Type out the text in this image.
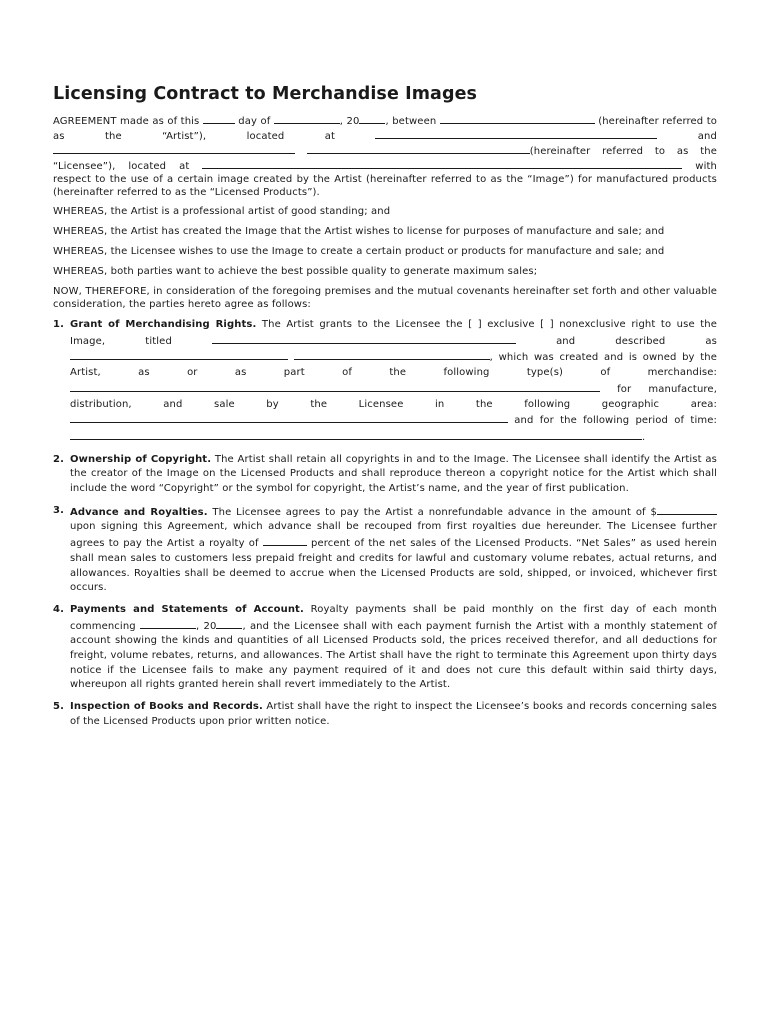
Licensing Contract to Merchandise Images

AGREEMENT made as of this	day of	, 20	, between	(hereinafter referred to as the “Artist”), located at	and  (hereinafter referred to as the “Licensee”), located at	with respect to the use of a certain image created by the Artist (hereinafter referred to as the “Image”) for manufactured products (hereinafter referred to as the “Licensed Products”).

WHEREAS, the Artist is a professional artist of good standing; and

WHEREAS, the Artist has created the Image that the Artist wishes to license for purposes of manufacture and sale; and

WHEREAS, the Licensee wishes to use the Image to create a certain product or products for manufacture and sale; and

WHEREAS, both parties want to achieve the best possible quality to generate maximum sales;

NOW, THEREFORE, in consideration of the foregoing premises and the mutual covenants hereinafter set forth and other valuable consideration, the parties hereto agree as follows:

1. Grant of Merchandising Rights. The Artist grants to the Licensee the [ ] exclusive [ ] nonexclusive right to use the
Image, titled	and described as
, which was created and is owned by the
Artist, as or as part of the following type(s) of merchandise:
for manufacture,
distribution, and sale by the Licensee in the following geographic area:
and for the following period of time:
.
2. Ownership of Copyright. The Artist shall retain all copyrights in and to the Image. The Licensee shall identify the Artist as the creator of the Image on the Licensed Products and shall reproduce thereon a copyright notice for the Artist which shall include the word “Copyright” or the symbol for copyright, the Artist’s name, and the year of first publication.
3. Advance and Royalties. The Licensee agrees to pay the Artist a nonrefundable advance in the amount of $ upon signing this Agreement, which advance shall be recouped from first royalties due hereunder. The Licensee further agrees to pay the Artist a royalty of	percent of the net sales of the Licensed Products. “Net Sales” as used herein shall mean sales to customers less prepaid freight and credits for lawful and customary volume rebates, actual returns, and allowances. Royalties shall be deemed to accrue when the Licensed Products are sold, shipped, or invoiced, whichever first occurs.
4. Payments and Statements of Account. Royalty payments shall be paid monthly on the first day of each month commencing	, 20	, and the Licensee shall with each payment furnish the Artist with a monthly statement of account showing the kinds and quantities of all Licensed Products sold, the prices received therefor, and all deductions for freight, volume rebates, returns, and allowances. The Artist shall have the right to terminate this Agreement upon thirty days notice if the Licensee fails to make any payment required of it and does not cure this default within said thirty days, whereupon all rights granted herein shall revert immediately to the Artist.
5. Inspection of Books and Records. Artist shall have the right to inspect the Licensee’s books and records concerning sales of the Licensed Products upon prior written notice.
